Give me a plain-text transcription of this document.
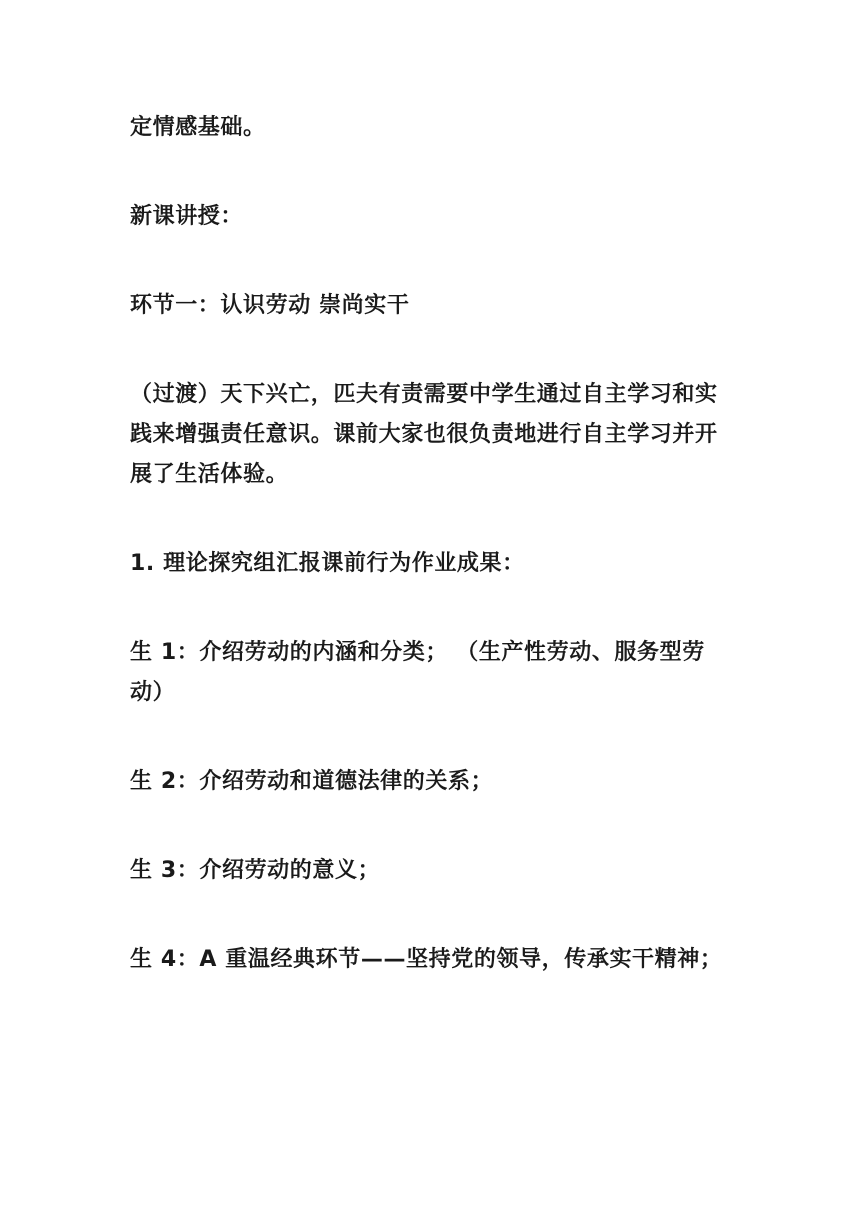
定情感基础。

新课讲授：

环节一：认识劳动 崇尚实干

（过渡）天下兴亡，匹夫有责需要中学生通过自主学习和实践来增强责任意识。课前大家也很负责地进行自主学习并开展了生活体验。

1. 理论探究组汇报课前行为作业成果：

生 1：介绍劳动的内涵和分类； （生产性劳动、服务型劳动）

生 2：介绍劳动和道德法律的关系；

生 3：介绍劳动的意义；

生 4：A 重温经典环节——坚持党的领导，传承实干精神；
